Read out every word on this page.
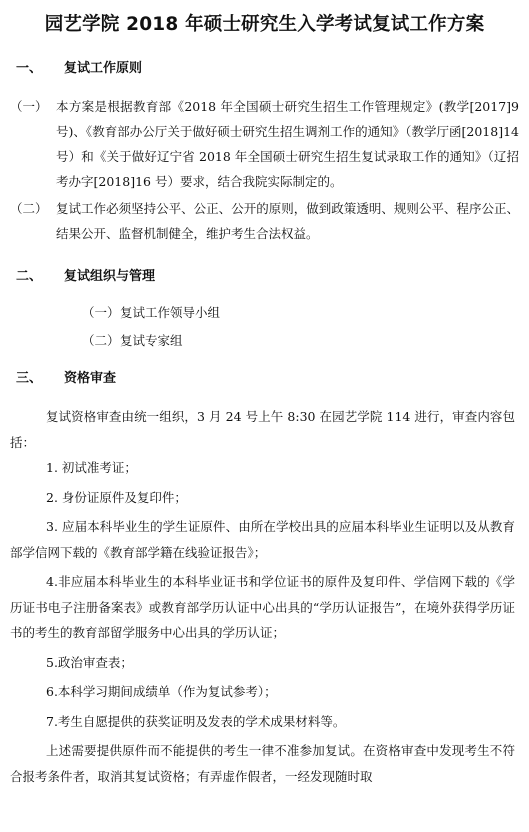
园艺学院 2018 年硕士研究生入学考试复试工作方案
一、	复试工作原则
（一） 本方案是根据教育部《2018 年全国硕士研究生招生工作管理规定》(教学[2017]9 号)、《教育部办公厅关于做好硕士研究生招生调剂工作的通知》（教学厅函[2018]14 号）和《关于做好辽宁省 2018 年全国硕士研究生招生复试录取工作的通知》（辽招考办字[2018]16 号）要求，结合我院实际制定的。
（二） 复试工作必须坚持公平、公正、公开的原则，做到政策透明、规则公平、程序公正、结果公开、监督机制健全，维护考生合法权益。
二、	复试组织与管理
（一） 复试工作领导小组
（二） 复试专家组
三、	资格审查

复试资格审查由统一组织，3 月 24 号上午 8:30 在园艺学院 114 进行，审查内容包括：

1. 初试准考证；

2. 身份证原件及复印件；

3. 应届本科毕业生的学生证原件、由所在学校出具的应届本科毕业生证明以及从教育部学信网下载的《教育部学籍在线验证报告》；

4.非应届本科毕业生的本科毕业证书和学位证书的原件及复印件、学信网下载的《学历证书电子注册备案表》或教育部学历认证中心出具的“学历认证报告”，在境外获得学历证书的考生的教育部留学服务中心出具的学历认证；

5.政治审查表；

6.本科学习期间成绩单（作为复试参考）；

7.考生自愿提供的获奖证明及发表的学术成果材料等。

上述需要提供原件而不能提供的考生一律不准参加复试。在资格审查中发现考生不符合报考条件者，取消其复试资格；有弄虚作假者，一经发现随时取
